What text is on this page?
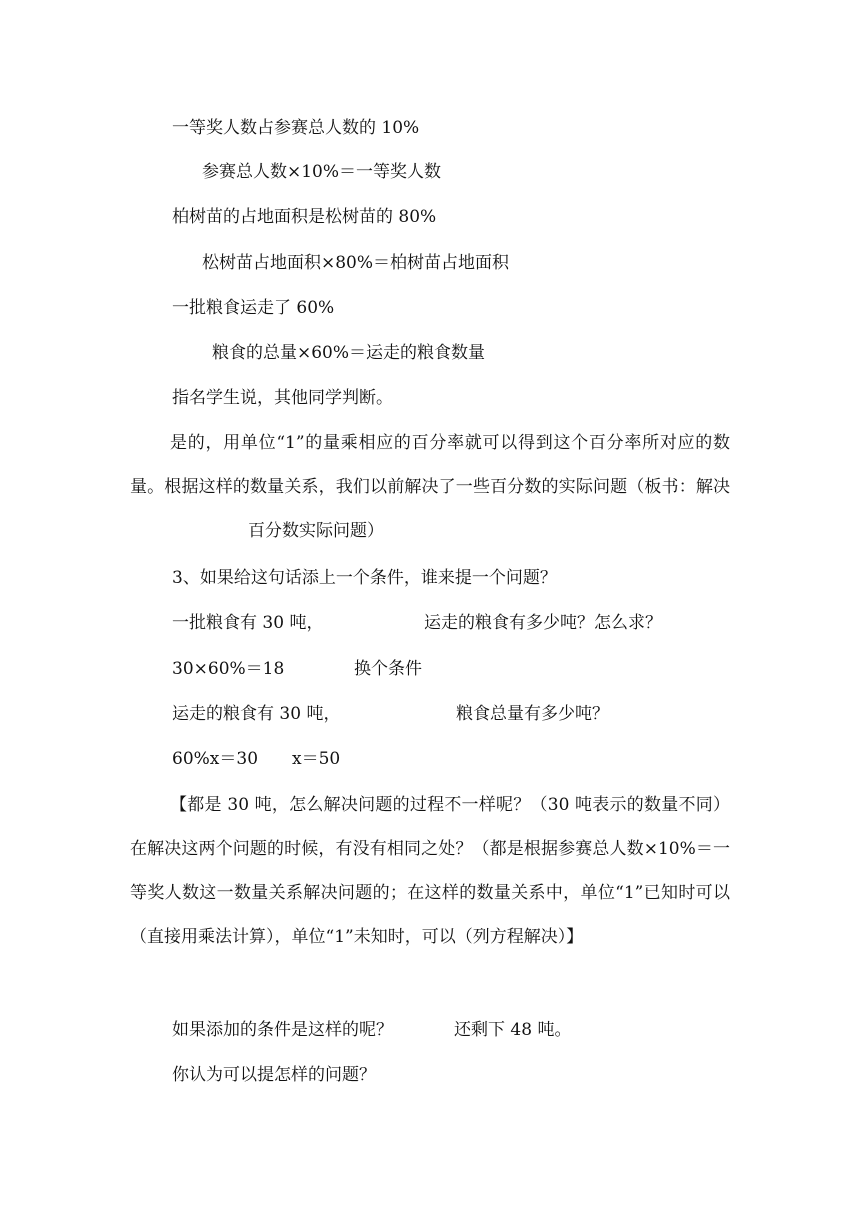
一等奖人数占参赛总人数的 10%
参赛总人数×10%＝一等奖人数
柏树苗的占地面积是松树苗的 80%
松树苗占地面积×80%＝柏树苗占地面积
一批粮食运走了 60%
粮食的总量×60%＝运走的粮食数量
指名学生说，其他同学判断。
是的，用单位“1”的量乘相应的百分率就可以得到这个百分率所对应的数量。根据这样的数量关系，我们以前解决了一些百分数的实际问题（板书：解决百分数实际问题）
3、如果给这句话添上一个条件，谁来提一个问题？
一批粮食有 30 吨，	运走的粮食有多少吨？怎么求？
30×60%＝18	换个条件
运走的粮食有 30 吨，	粮食总量有多少吨？
60%x＝30 x＝50
【都是 30 吨，怎么解决问题的过程不一样呢？（30 吨表示的数量不同）在解决这两个问题的时候，有没有相同之处？（都是根据参赛总人数×10%＝一等奖人数这一数量关系解决问题的；在这样的数量关系中，单位“1”已知时可以（直接用乘法计算），单位“1”未知时，可以（列方程解决）】
如果添加的条件是这样的呢？	还剩下 48 吨。
你认为可以提怎样的问题？
